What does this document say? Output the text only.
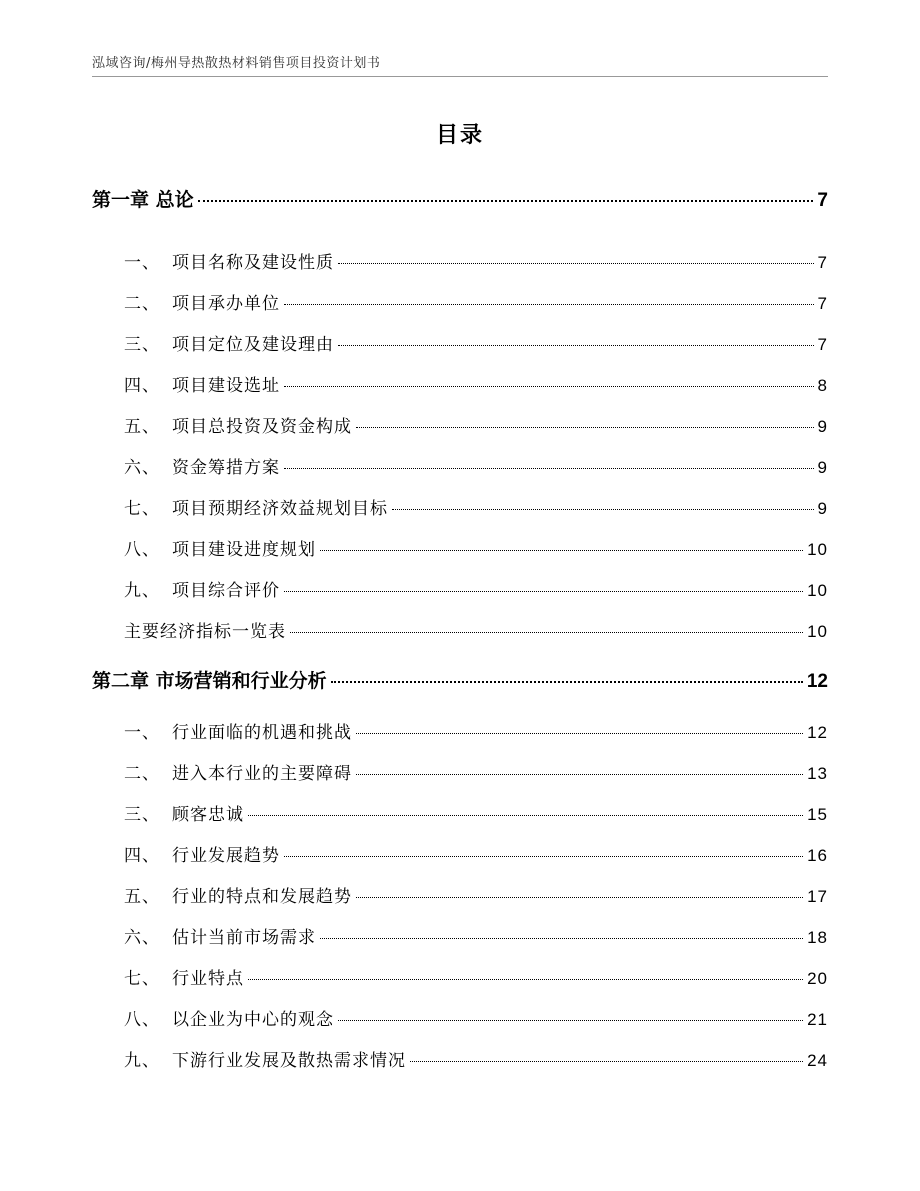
泓域咨询/梅州导热散热材料销售项目投资计划书
目录
第一章 总论	7
一、 项目名称及建设性质	7
二、 项目承办单位	7
三、 项目定位及建设理由	7
四、 项目建设选址	8
五、 项目总投资及资金构成	9
六、 资金筹措方案	9
七、 项目预期经济效益规划目标	9
八、 项目建设进度规划	10
九、 项目综合评价	10
主要经济指标一览表	10
第二章 市场营销和行业分析	12
一、 行业面临的机遇和挑战	12
二、 进入本行业的主要障碍	13
三、 顾客忠诚	15
四、 行业发展趋势	16
五、 行业的特点和发展趋势	17
六、 估计当前市场需求	18
七、 行业特点	20
八、 以企业为中心的观念	21
九、 下游行业发展及散热需求情况	24
